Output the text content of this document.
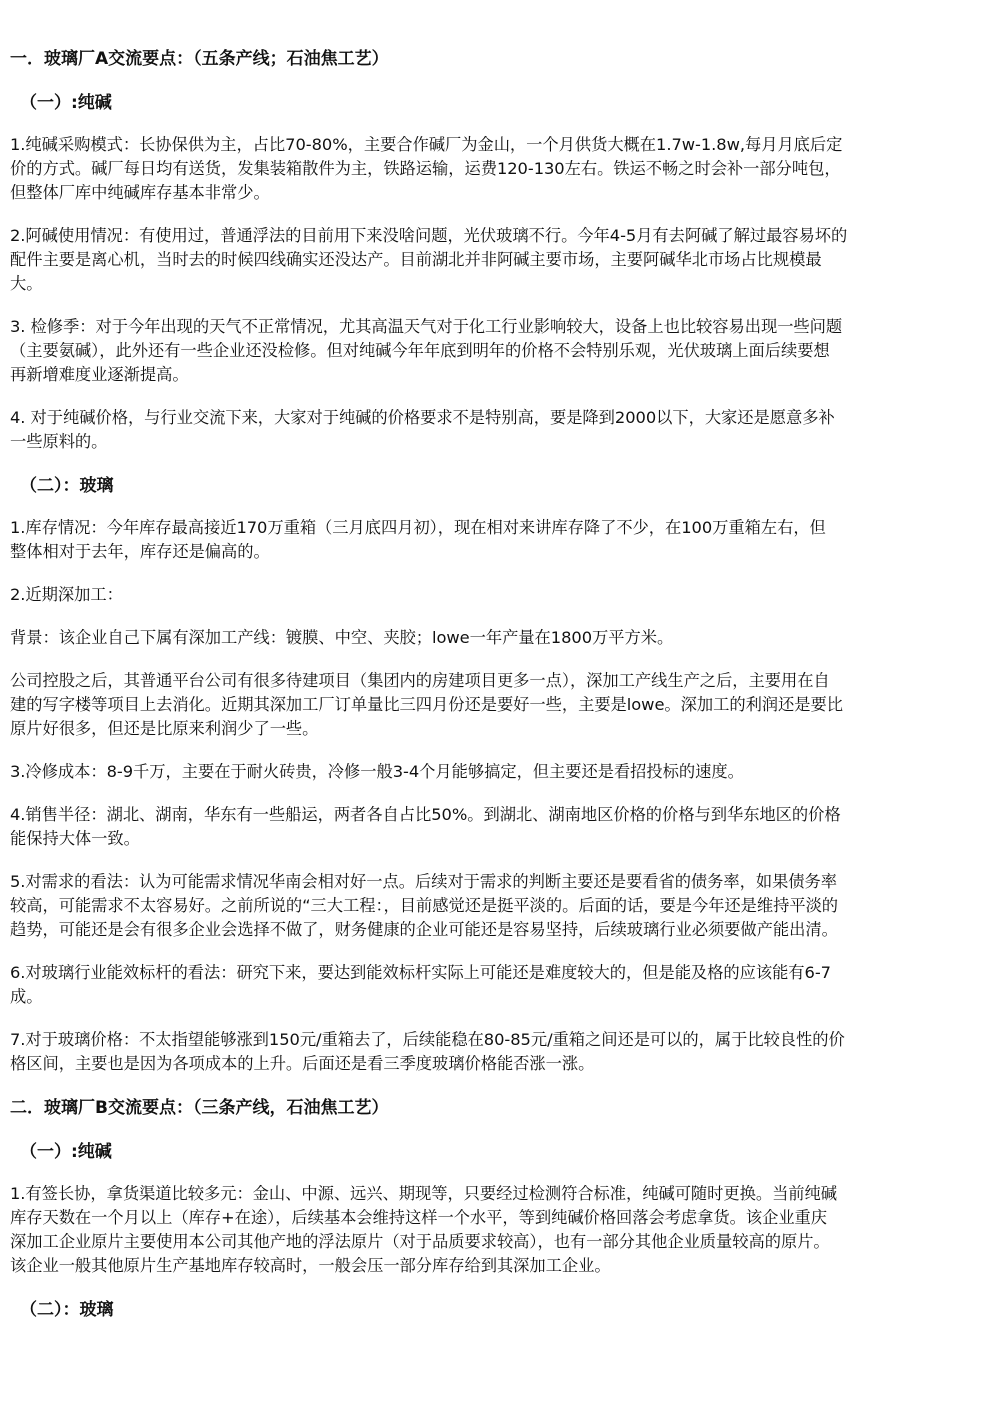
一．玻璃厂A交流要点：（五条产线；石油焦工艺）
（一）:纯碱
1.纯碱采购模式：长协保供为主，占比70-80%，主要合作碱厂为金山，一个月供货大概在1.7w-1.8w,每月月底后定
价的方式。碱厂每日均有送货，发集装箱散件为主，铁路运输，运费120-130左右。铁运不畅之时会补一部分吨包，
但整体厂库中纯碱库存基本非常少。
2.阿碱使用情况：有使用过，普通浮法的目前用下来没啥问题，光伏玻璃不行。今年4-5月有去阿碱了解过最容易坏的
配件主要是离心机，当时去的时候四线确实还没达产。目前湖北并非阿碱主要市场，主要阿碱华北市场占比规模最
大。
3. 检修季：对于今年出现的天气不正常情况，尤其高温天气对于化工行业影响较大，设备上也比较容易出现一些问题
（主要氨碱），此外还有一些企业还没检修。但对纯碱今年年底到明年的价格不会特别乐观，光伏玻璃上面后续要想
再新增难度业逐渐提高。
4. 对于纯碱价格，与行业交流下来，大家对于纯碱的价格要求不是特别高，要是降到2000以下，大家还是愿意多补
一些原料的。
（二）：玻璃
1.库存情况：今年库存最高接近170万重箱（三月底四月初），现在相对来讲库存降了不少，在100万重箱左右，但
整体相对于去年，库存还是偏高的。
2.近期深加工：
背景：该企业自己下属有深加工产线：镀膜、中空、夹胶；lowe一年产量在1800万平方米。
公司控股之后，其普通平台公司有很多待建项目（集团内的房建项目更多一点），深加工产线生产之后，主要用在自
建的写字楼等项目上去消化。近期其深加工厂订单量比三四月份还是要好一些，主要是lowe。深加工的利润还是要比
原片好很多，但还是比原来利润少了一些。
3.冷修成本：8-9千万，主要在于耐火砖贵，冷修一般3-4个月能够搞定，但主要还是看招投标的速度。
4.销售半径：湖北、湖南，华东有一些船运，两者各自占比50%。到湖北、湖南地区价格的价格与到华东地区的价格
能保持大体一致。
5.对需求的看法：认为可能需求情况华南会相对好一点。后续对于需求的判断主要还是要看省的债务率，如果债务率
较高，可能需求不太容易好。之前所说的“三大工程：，目前感觉还是挺平淡的。后面的话，要是今年还是维持平淡的
趋势，可能还是会有很多企业会选择不做了，财务健康的企业可能还是容易坚持，后续玻璃行业必须要做产能出清。
6.对玻璃行业能效标杆的看法：研究下来，要达到能效标杆实际上可能还是难度较大的，但是能及格的应该能有6-7
成。
7.对于玻璃价格：不太指望能够涨到150元/重箱去了，后续能稳在80-85元/重箱之间还是可以的，属于比较良性的价
格区间，主要也是因为各项成本的上升。后面还是看三季度玻璃价格能否涨一涨。
二．玻璃厂B交流要点：（三条产线，石油焦工艺）
（一）:纯碱
1.有签长协，拿货渠道比较多元：金山、中源、远兴、期现等，只要经过检测符合标准，纯碱可随时更换。当前纯碱
库存天数在一个月以上（库存+在途），后续基本会维持这样一个水平，等到纯碱价格回落会考虑拿货。该企业重庆
深加工企业原片主要使用本公司其他产地的浮法原片（对于品质要求较高），也有一部分其他企业质量较高的原片。
该企业一般其他原片生产基地库存较高时，一般会压一部分库存给到其深加工企业。
（二）：玻璃
